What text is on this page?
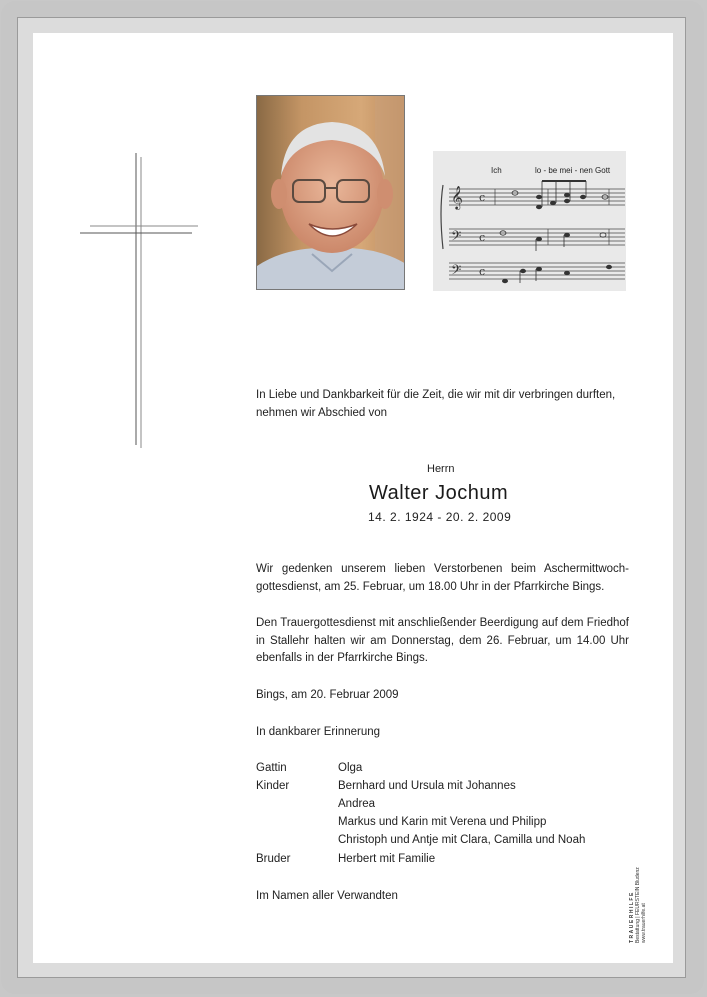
Ich	lo - be mei - nen Gott
𝄞
𝄢
𝄢
c
c
c
In Liebe und Dankbarkeit für die Zeit, die wir mit dir verbringen durften, nehmen wir Abschied von
Herrn
Walter Jochum
14. 2. 1924 - 20. 2. 2009
Wir gedenken unserem lieben Verstorbenen beim Aschermittwoch-gottesdienst, am 25. Februar, um 18.00 Uhr in der Pfarrkirche Bings.
Den Trauergottesdienst mit anschließender Beerdigung auf dem Friedhof in Stallehr halten wir am Donnerstag, dem 26. Februar, um 14.00 Uhr ebenfalls in der Pfarrkirche Bings.
Bings, am 20. Februar 2009
In dankbarer Erinnerung
Gattin	Olga
Kinder	Bernhard und Ursula mit Johannes
Andrea
Markus und Karin mit Verena und Philipp
Christoph und Antje mit Clara, Camilla und Noah
Bruder	Herbert mit Familie
Im Namen aller Verwandten	TRAUERHILFE Bestattung | FEURSTEIN Bludenz
www.trauerhilfe.at
